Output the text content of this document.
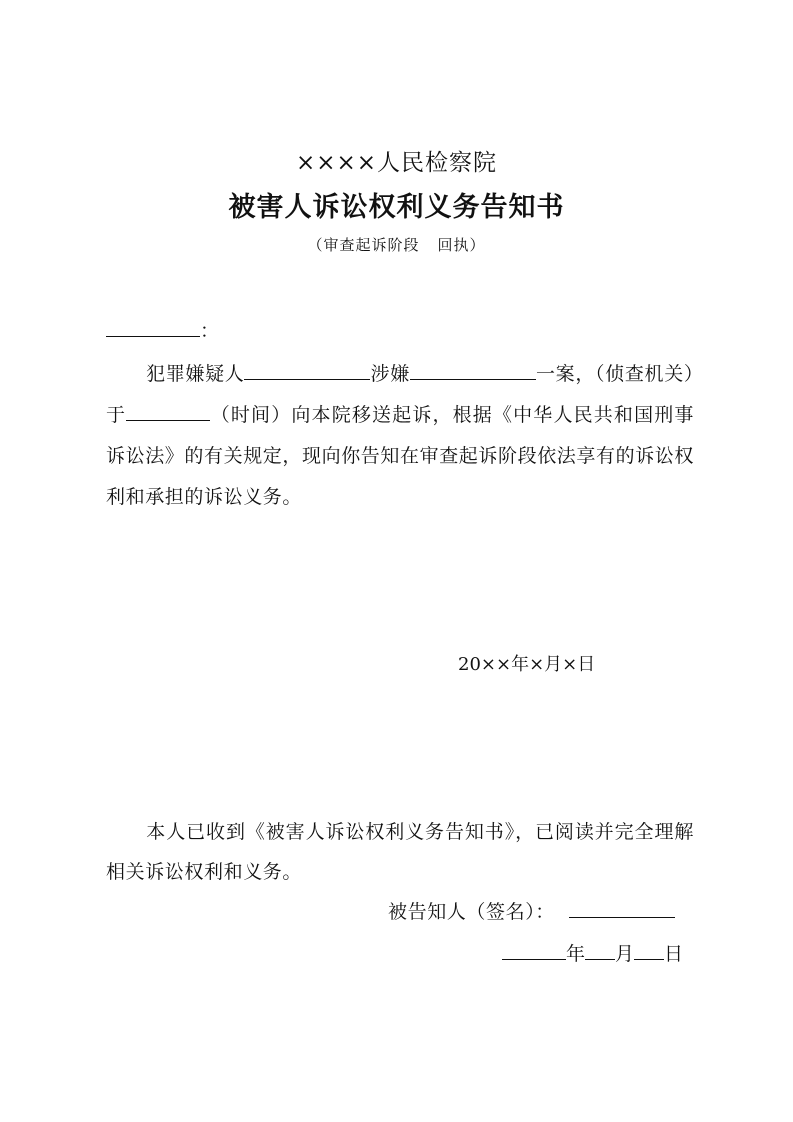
××××人民检察院
被害人诉讼权利义务告知书
（审查起诉阶段 回执）
：
犯罪嫌疑人	涉嫌	一案，（侦查机关）于	（时间）向本院移送起诉，根据《中华人民共和国刑事诉讼法》的有关规定，现向你告知在审查起诉阶段依法享有的诉讼权利和承担的诉讼义务。
20××年×月×日
本人已收到《被害人诉讼权利义务告知书》，已阅读并完全理解相关诉讼权利和义务。
被告知人（签名）：
年 月 日
